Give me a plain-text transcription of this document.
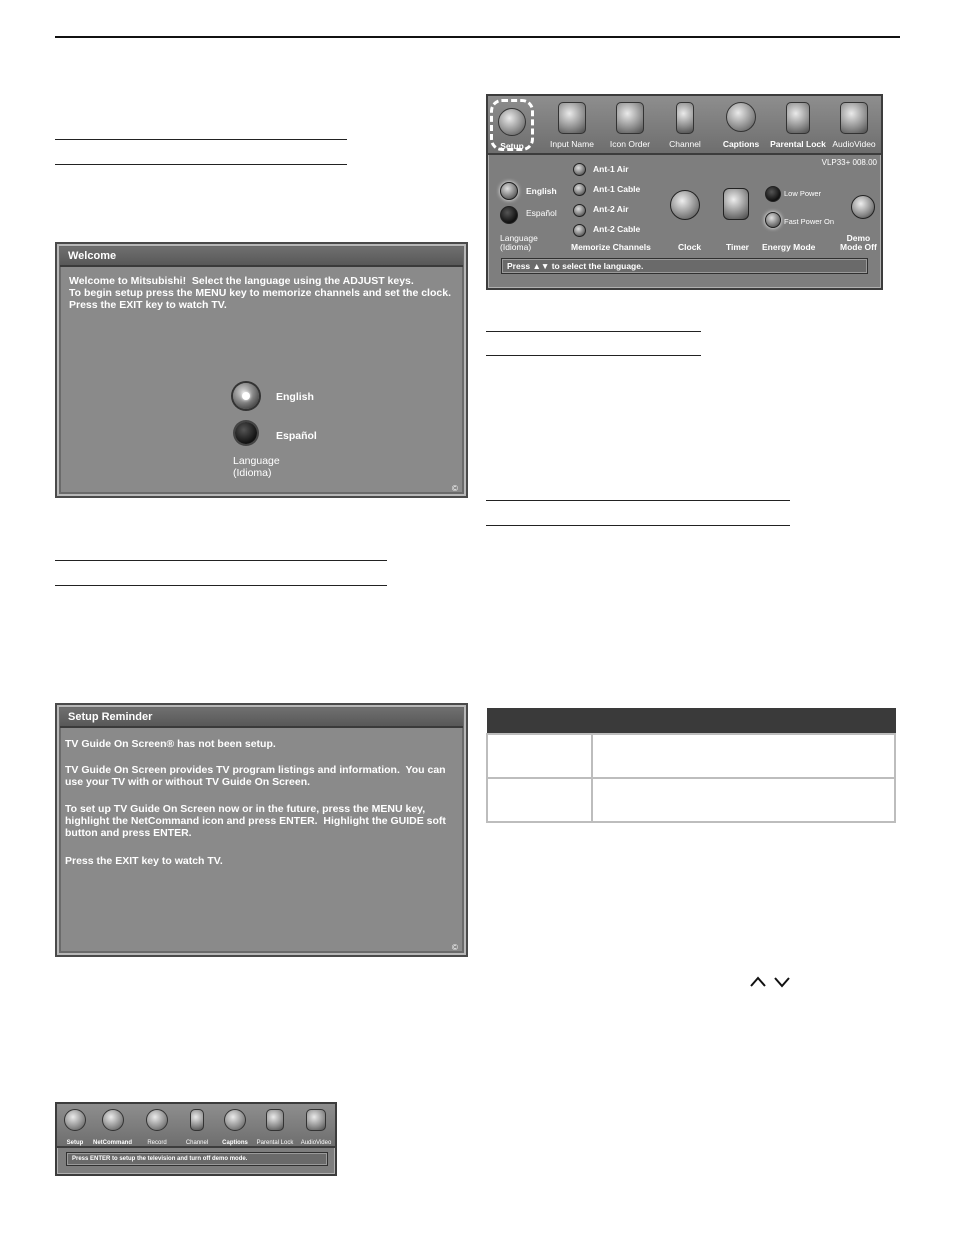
Welcome
Welcome to Mitsubishi!  Select the language using the ADJUST keys.
To begin setup press the MENU key to memorize channels and set the clock.
Press the EXIT key to watch TV.
English
Español
Language
(Idioma)
©
Setup Reminder
TV Guide On Screen® has not been setup.
TV Guide On Screen provides TV program listings and information.  You can use your TV with or without TV Guide On Screen.
To set up TV Guide On Screen now or in the future, press the MENU key, highlight the NetCommand icon and press ENTER.  Highlight the GUIDE soft button and press ENTER.
Press the EXIT key to watch TV.
©
Setup	NetCommand	Record	Channel	Captions	Parental Lock	AudioVideo
Press ENTER to setup the television and turn off demo mode.
Setup	Input Name	Icon Order	Channel	Captions	Parental Lock AudioVideo
VLP33+ 008.00
English
Español
Language
(Idioma)
Ant-1 Air
Ant-1 Cable
Ant-2 Air
Ant-2 Cable
Memorize Channels	Clock	Timer
Low Power
Fast Power On
Energy Mode
Demo
Mode Off
Press ▲▼ to select the language.
